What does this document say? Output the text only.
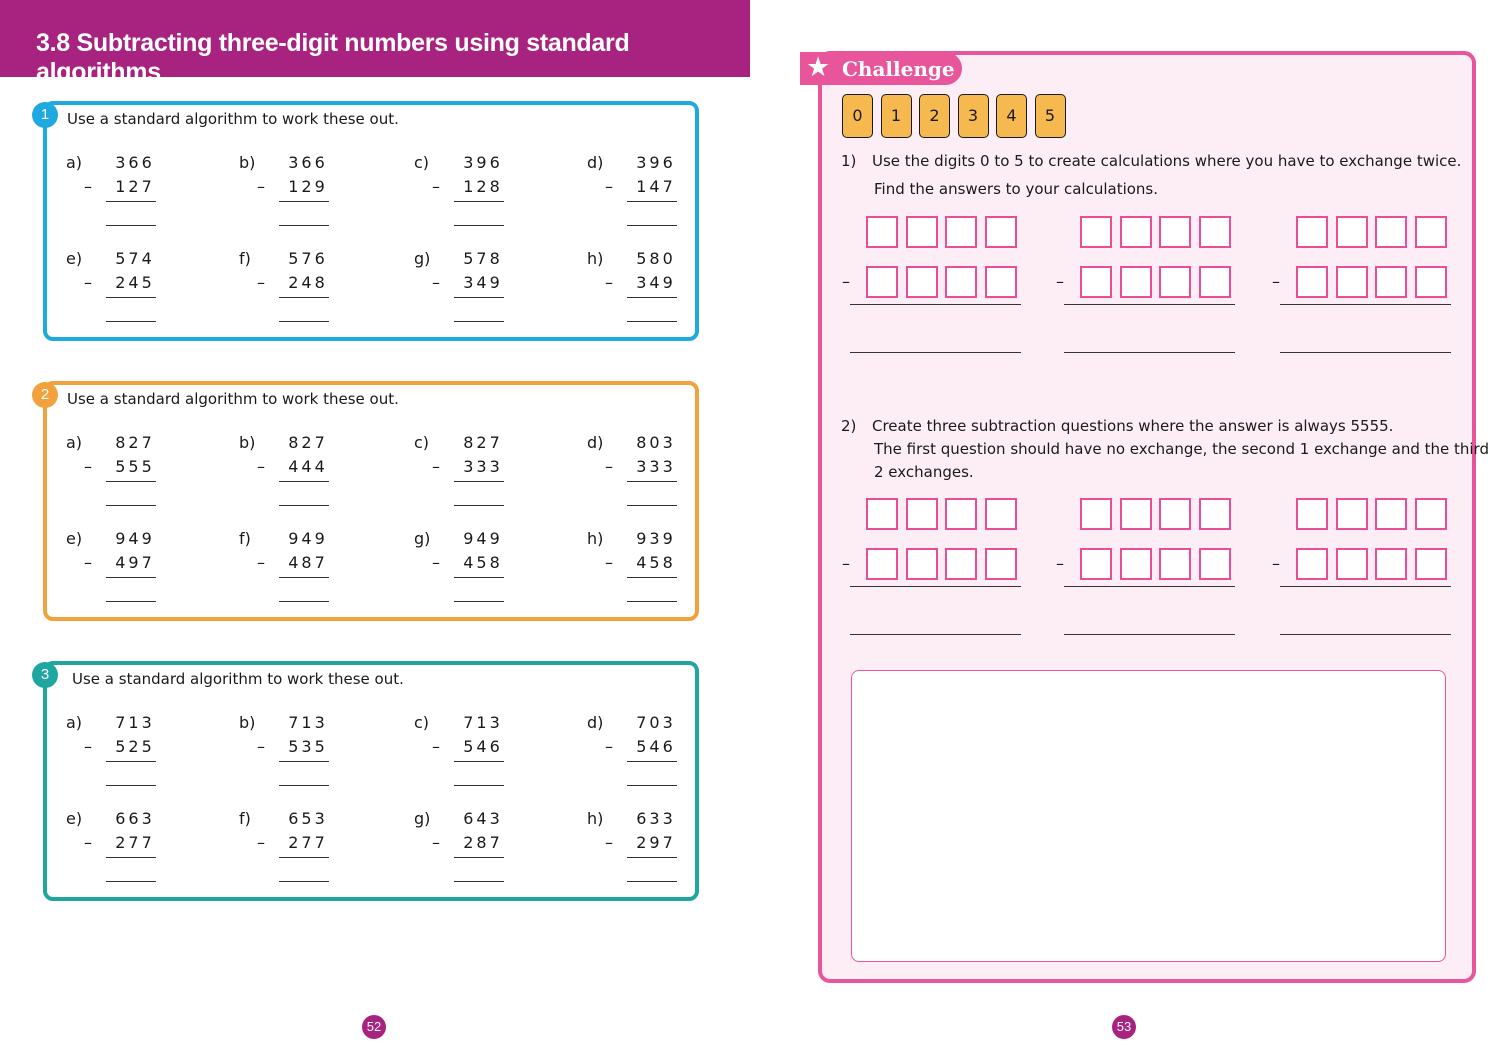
3.8 Subtracting three-digit numbers using standard algorithms
1	Use a standard algorithm to work these out.
a)	366
–	127
b)	366
–	129
c)	396
–	128
d)	396
–	147
e)	574
–	245
f)	576
–	248
g)	578
–	349
h)	580
–	349
2	Use a standard algorithm to work these out.
a)	827
–	555
b)	827
–	444
c)	827
–	333
d)	803
–	333
e)	949
–	497
f)	949
–	487
g)	949
–	458
h)	939
–	458
3	Use a standard algorithm to work these out.
a)	713
–	525
b)	713
–	535
c)	713
–	546
d)	703
–	546
e)	663
–	277
f)	653
–	277
g)	643
–	287
h)	633
–	297
★ Challenge
0	1	2	3	4	5
1) Use the digits 0 to 5 to create calculations where you have to exchange twice.
Find the answers to your calculations.
2) Create three subtraction questions where the answer is always 5555.
The first question should have no exchange, the second 1 exchange and the third
2 exchanges.
–	–	–
–	–	–
52	53
